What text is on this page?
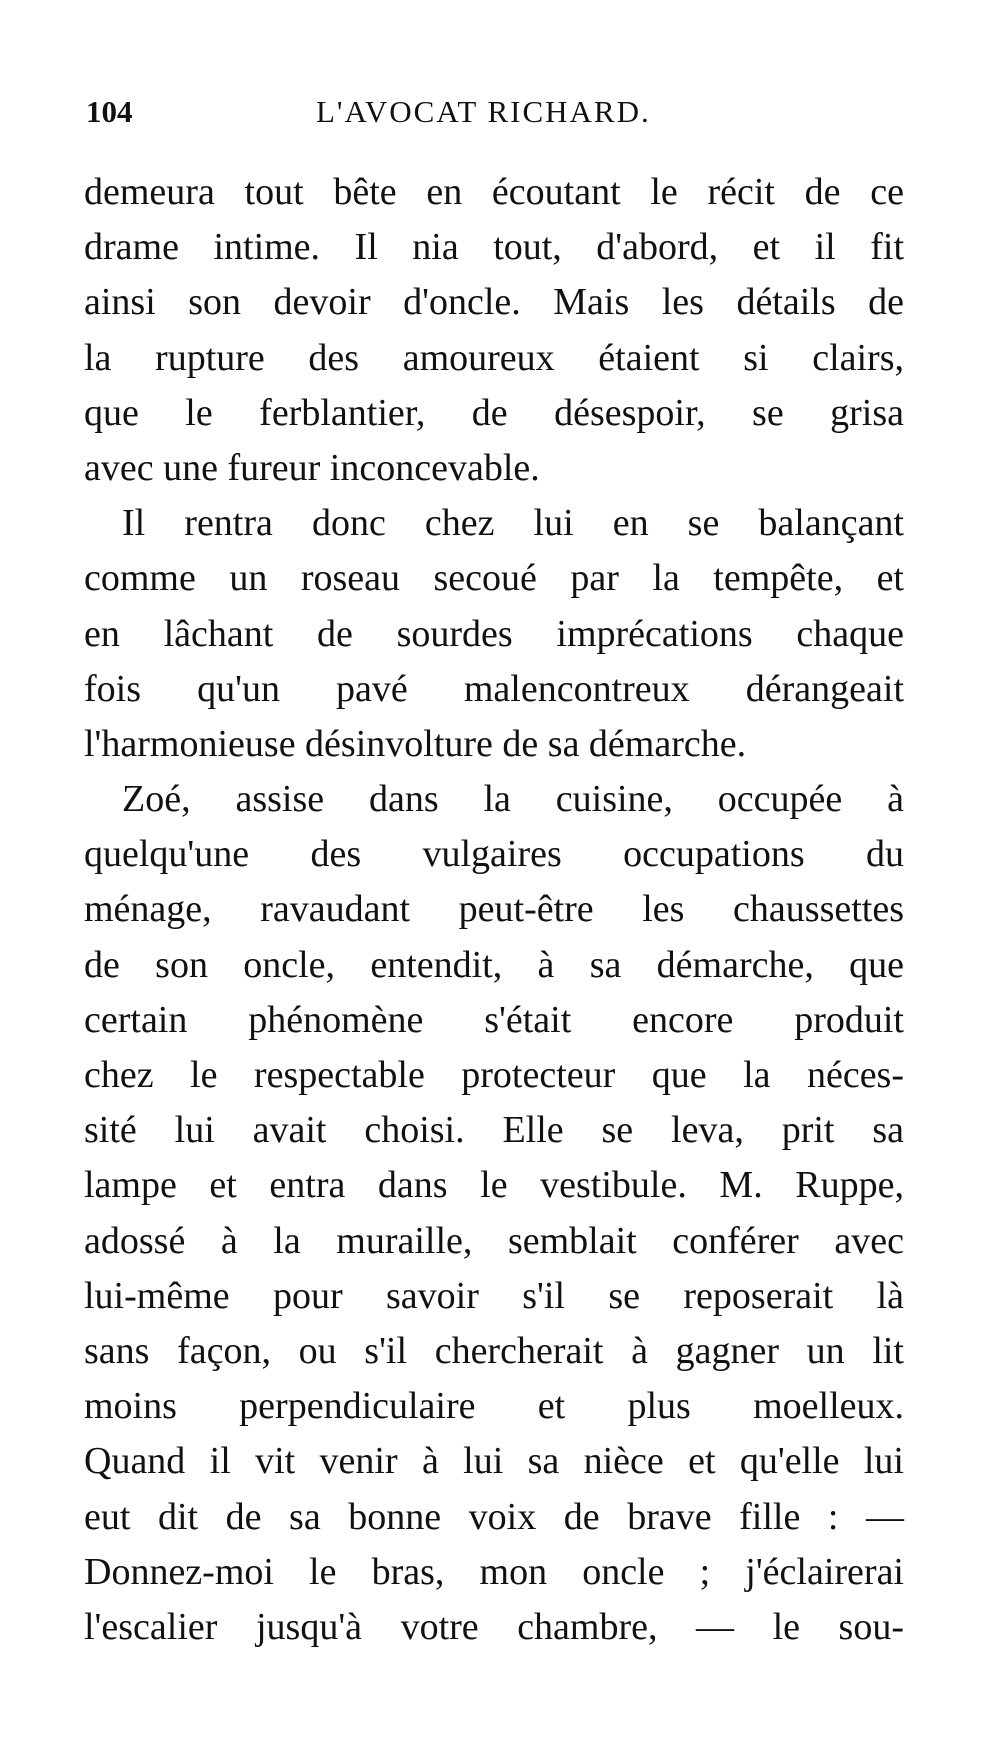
104	L'AVOCAT RICHARD.
demeura tout bête en écoutant le récit de ce
drame intime. Il nia tout, d'abord, et il fit
ainsi son devoir d'oncle. Mais les détails de
la rupture des amoureux étaient si clairs,
que le ferblantier, de désespoir, se grisa
avec une fureur inconcevable.
Il rentra donc chez lui en se balançant
comme un roseau secoué par la tempête, et
en lâchant de sourdes imprécations chaque
fois qu'un pavé malencontreux dérangeait
l'harmonieuse désinvolture de sa démarche.
Zoé, assise dans la cuisine, occupée à
quelqu'une des vulgaires occupations du
ménage, ravaudant peut-être les chaussettes
de son oncle, entendit, à sa démarche, que
certain phénomène s'était encore produit
chez le respectable protecteur que la néces-
sité lui avait choisi. Elle se leva, prit sa
lampe et entra dans le vestibule. M. Ruppe,
adossé à la muraille, semblait conférer avec
lui-même pour savoir s'il se reposerait là
sans façon, ou s'il chercherait à gagner un lit
moins perpendiculaire et plus moelleux.
Quand il vit venir à lui sa nièce et qu'elle lui
eut dit de sa bonne voix de brave fille : —
Donnez-moi le bras, mon oncle ; j'éclairerai
l'escalier jusqu'à votre chambre, — le sou-
